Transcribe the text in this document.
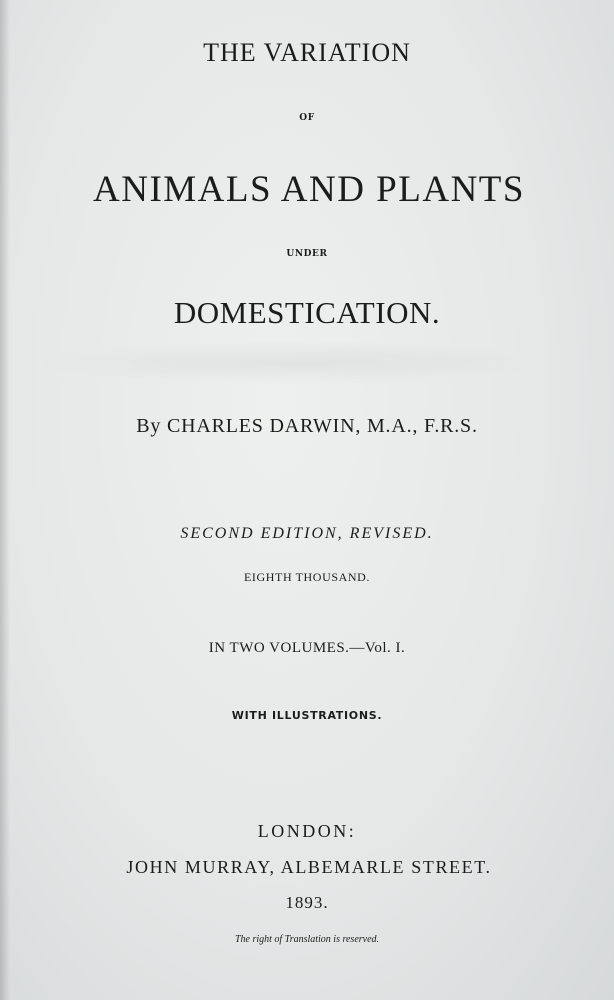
THE VARIATION
OF
ANIMALS AND PLANTS
UNDER
DOMESTICATION.
By CHARLES DARWIN, M.A., F.R.S.
SECOND EDITION, REVISED.
EIGHTH THOUSAND.
IN TWO VOLUMES.—Vol. I.
WITH ILLUSTRATIONS.
LONDON:
JOHN MURRAY, ALBEMARLE STREET.
1893.
The right of Translation is reserved.
